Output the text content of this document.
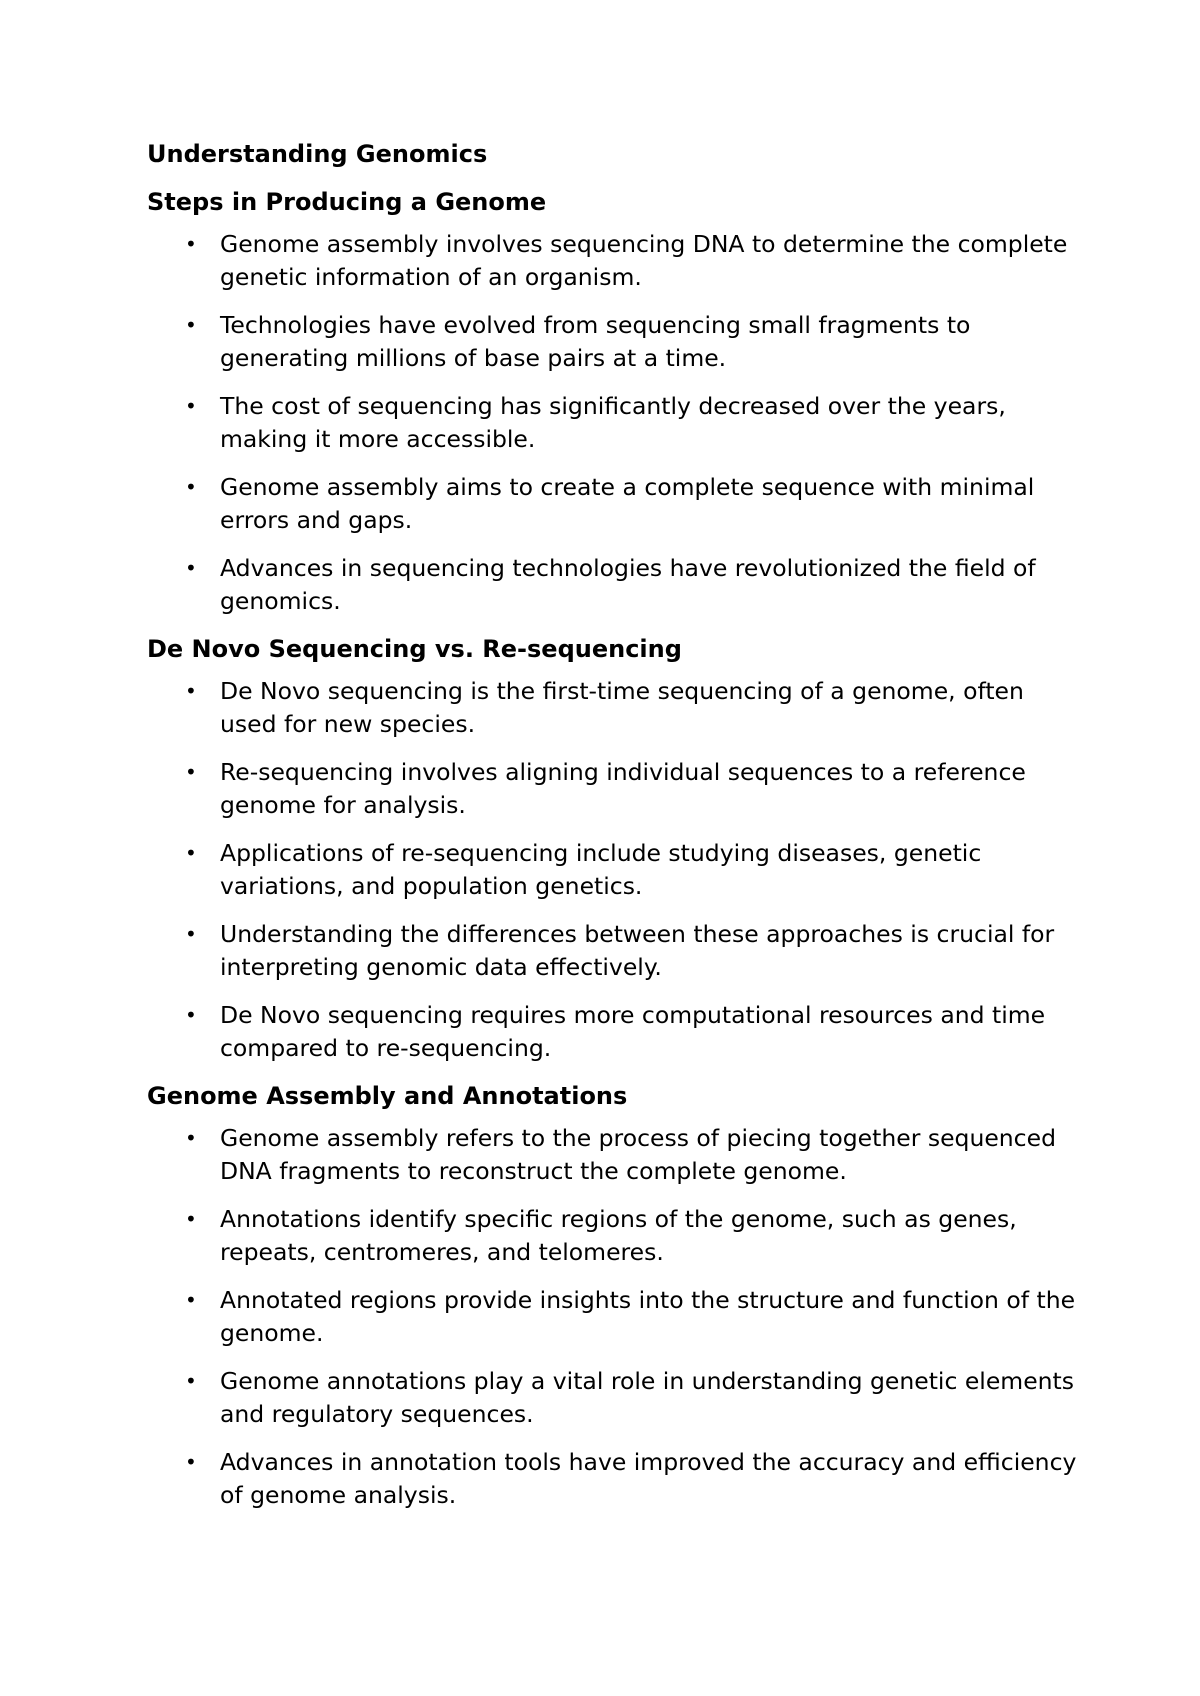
Understanding Genomics
Steps in Producing a Genome
• Genome assembly involves sequencing DNA to determine the complete genetic information of an organism.
• Technologies have evolved from sequencing small fragments to generating millions of base pairs at a time.
• The cost of sequencing has significantly decreased over the years, making it more accessible.
• Genome assembly aims to create a complete sequence with minimal errors and gaps.
• Advances in sequencing technologies have revolutionized the field of genomics.
De Novo Sequencing vs. Re-sequencing
• De Novo sequencing is the first-time sequencing of a genome, often used for new species.
• Re-sequencing involves aligning individual sequences to a reference genome for analysis.
• Applications of re-sequencing include studying diseases, genetic variations, and population genetics.
• Understanding the differences between these approaches is crucial for interpreting genomic data effectively.
• De Novo sequencing requires more computational resources and time compared to re-sequencing.
Genome Assembly and Annotations
• Genome assembly refers to the process of piecing together sequenced DNA fragments to reconstruct the complete genome.
• Annotations identify specific regions of the genome, such as genes, repeats, centromeres, and telomeres.
• Annotated regions provide insights into the structure and function of the genome.
• Genome annotations play a vital role in understanding genetic elements and regulatory sequences.
• Advances in annotation tools have improved the accuracy and efficiency of genome analysis.
